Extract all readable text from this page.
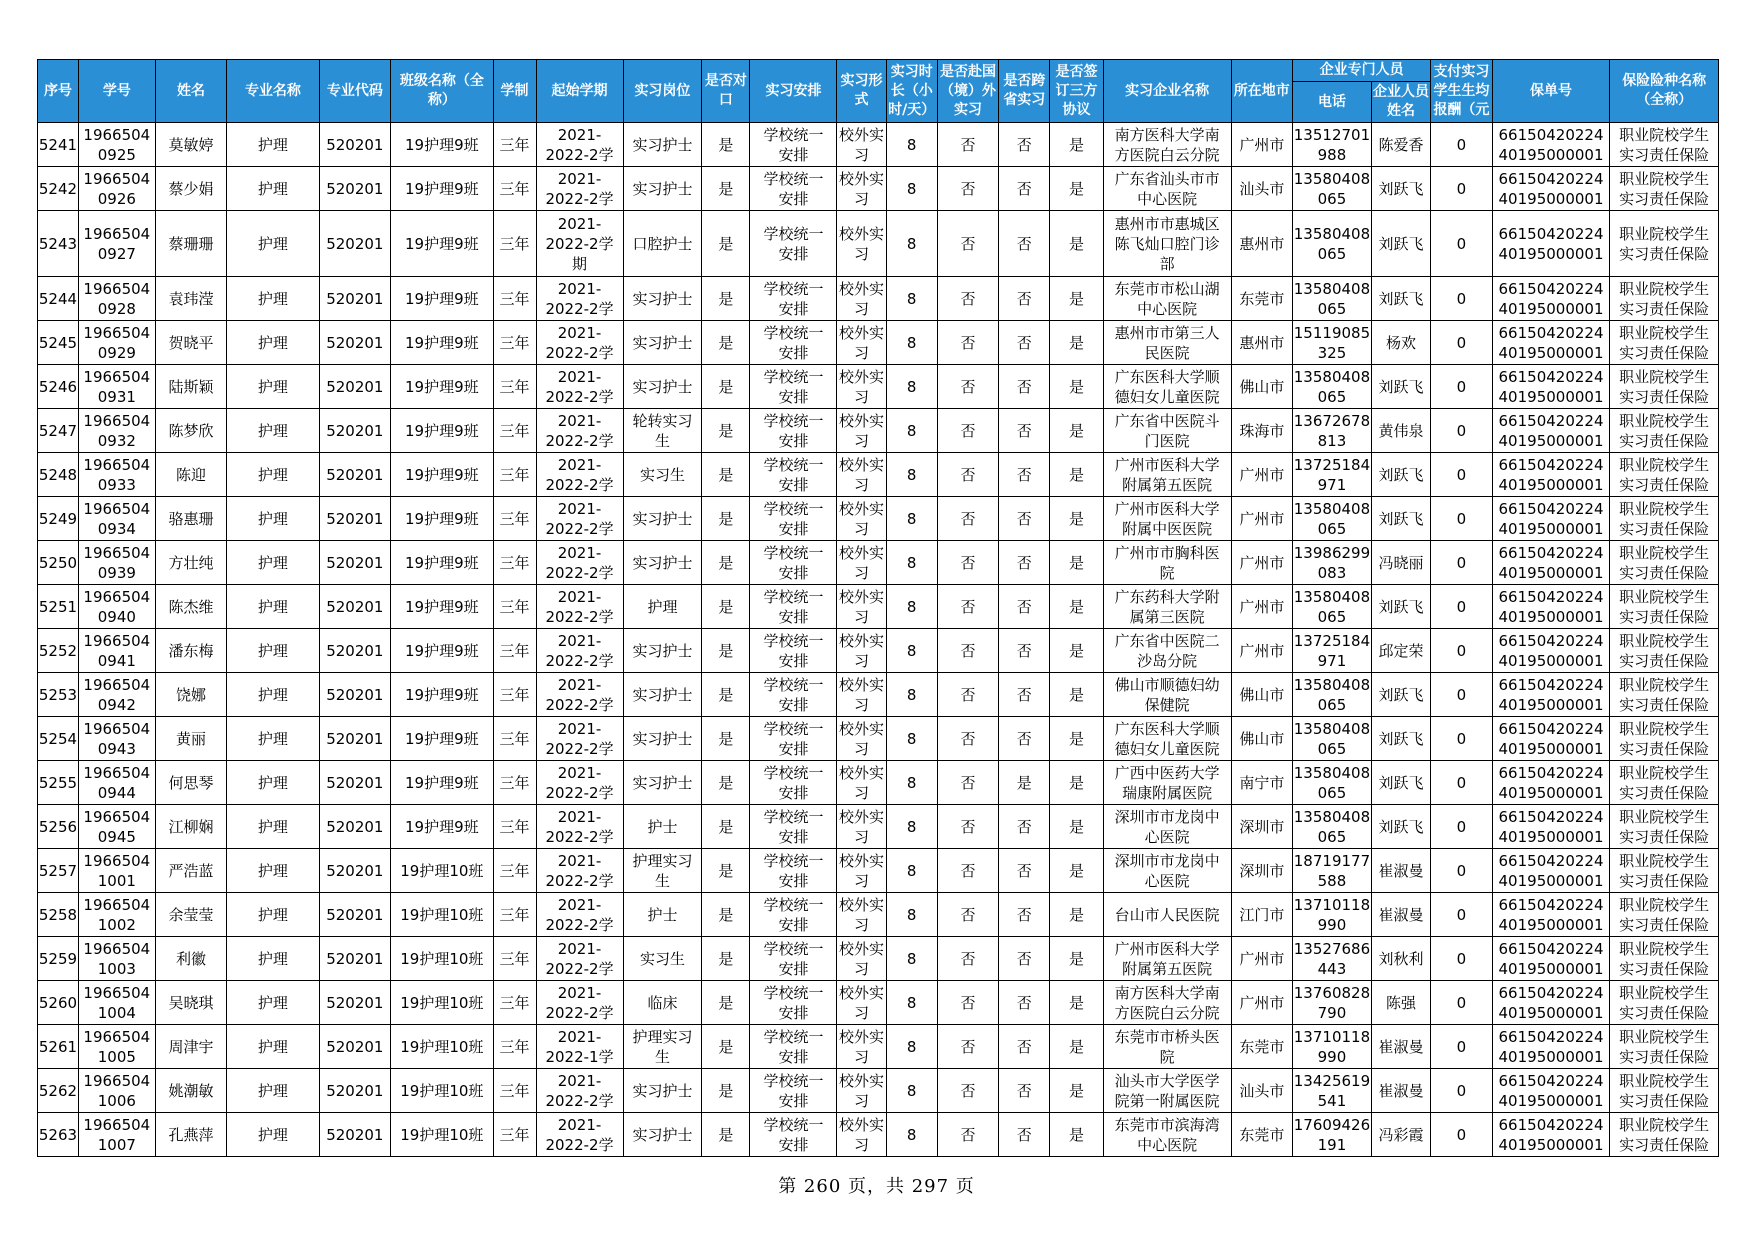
序号	学号	姓名	专业名称	专业代码	班级名称（全称）	学制	起始学期	实习岗位	是否对口	实习安排	实习形式	实习时长（小时/天）	是否赴国（境）外实习	是否跨省实习	是否签订三方协议	实习企业名称	所在地市	企业专门人员		支付实习学生生均报酬（元	保单号	保险险种名称（全称）

																		电话	企业人员姓名			

5241	1966504
0925	莫敏婷	护理	520201	19护理9班	三年	2021-
2022-2学	实习护士	是	学校统一
安排	校外实
习	8	否	否	是	南方医科大学南
方医院白云分院	广州市	13512701
988	陈爱香	0	66150420224
40195000001	职业院校学生
实习责任保险

5242	1966504
0926	蔡少娟	护理	520201	19护理9班	三年	2021-
2022-2学	实习护士	是	学校统一
安排	校外实
习	8	否	否	是	广东省汕头市市
中心医院	汕头市	13580408
065	刘跃飞	0	66150420224
40195000001	职业院校学生
实习责任保险

5243	1966504
0927	蔡珊珊	护理	520201	19护理9班	三年	2021-
2022-2学
期	口腔护士	是	学校统一
安排	校外实
习	8	否	否	是	惠州市市惠城区
陈飞灿口腔门诊
部	惠州市	13580408
065	刘跃飞	0	66150420224
40195000001	职业院校学生
实习责任保险

5244	1966504
0928	袁玮滢	护理	520201	19护理9班	三年	2021-
2022-2学	实习护士	是	学校统一
安排	校外实
习	8	否	否	是	东莞市市松山湖
中心医院	东莞市	13580408
065	刘跃飞	0	66150420224
40195000001	职业院校学生
实习责任保险

5245	1966504
0929	贺晓平	护理	520201	19护理9班	三年	2021-
2022-2学	实习护士	是	学校统一
安排	校外实
习	8	否	否	是	惠州市市第三人
民医院	惠州市	15119085
325	杨欢	0	66150420224
40195000001	职业院校学生
实习责任保险

5246	1966504
0931	陆斯颖	护理	520201	19护理9班	三年	2021-
2022-2学	实习护士	是	学校统一
安排	校外实
习	8	否	否	是	广东医科大学顺
德妇女儿童医院	佛山市	13580408
065	刘跃飞	0	66150420224
40195000001	职业院校学生
实习责任保险

5247	1966504
0932	陈梦欣	护理	520201	19护理9班	三年	2021-
2022-2学	轮转实习
生	是	学校统一
安排	校外实
习	8	否	否	是	广东省中医院斗
门医院	珠海市	13672678
813	黄伟泉	0	66150420224
40195000001	职业院校学生
实习责任保险

5248	1966504
0933	陈迎	护理	520201	19护理9班	三年	2021-
2022-2学	实习生	是	学校统一
安排	校外实
习	8	否	否	是	广州市医科大学
附属第五医院	广州市	13725184
971	刘跃飞	0	66150420224
40195000001	职业院校学生
实习责任保险

5249	1966504
0934	骆惠珊	护理	520201	19护理9班	三年	2021-
2022-2学	实习护士	是	学校统一
安排	校外实
习	8	否	否	是	广州市医科大学
附属中医医院	广州市	13580408
065	刘跃飞	0	66150420224
40195000001	职业院校学生
实习责任保险

5250	1966504
0939	方壮纯	护理	520201	19护理9班	三年	2021-
2022-2学	实习护士	是	学校统一
安排	校外实
习	8	否	否	是	广州市市胸科医
院	广州市	13986299
083	冯晓丽	0	66150420224
40195000001	职业院校学生
实习责任保险

5251	1966504
0940	陈杰维	护理	520201	19护理9班	三年	2021-
2022-2学	护理	是	学校统一
安排	校外实
习	8	否	否	是	广东药科大学附
属第三医院	广州市	13580408
065	刘跃飞	0	66150420224
40195000001	职业院校学生
实习责任保险

5252	1966504
0941	潘东梅	护理	520201	19护理9班	三年	2021-
2022-2学	实习护士	是	学校统一
安排	校外实
习	8	否	否	是	广东省中医院二
沙岛分院	广州市	13725184
971	邱定荣	0	66150420224
40195000001	职业院校学生
实习责任保险

5253	1966504
0942	饶娜	护理	520201	19护理9班	三年	2021-
2022-2学	实习护士	是	学校统一
安排	校外实
习	8	否	否	是	佛山市顺德妇幼
保健院	佛山市	13580408
065	刘跃飞	0	66150420224
40195000001	职业院校学生
实习责任保险

5254	1966504
0943	黄丽	护理	520201	19护理9班	三年	2021-
2022-2学	实习护士	是	学校统一
安排	校外实
习	8	否	否	是	广东医科大学顺
德妇女儿童医院	佛山市	13580408
065	刘跃飞	0	66150420224
40195000001	职业院校学生
实习责任保险

5255	1966504
0944	何思琴	护理	520201	19护理9班	三年	2021-
2022-2学	实习护士	是	学校统一
安排	校外实
习	8	否	是	是	广西中医药大学
瑞康附属医院	南宁市	13580408
065	刘跃飞	0	66150420224
40195000001	职业院校学生
实习责任保险

5256	1966504
0945	江柳娴	护理	520201	19护理9班	三年	2021-
2022-2学	护士	是	学校统一
安排	校外实
习	8	否	否	是	深圳市市龙岗中
心医院	深圳市	13580408
065	刘跃飞	0	66150420224
40195000001	职业院校学生
实习责任保险

5257	1966504
1001	严浩蓝	护理	520201	19护理10班	三年	2021-
2022-2学	护理实习
生	是	学校统一
安排	校外实
习	8	否	否	是	深圳市市龙岗中
心医院	深圳市	18719177
588	崔淑曼	0	66150420224
40195000001	职业院校学生
实习责任保险

5258	1966504
1002	余莹莹	护理	520201	19护理10班	三年	2021-
2022-2学	护士	是	学校统一
安排	校外实
习	8	否	否	是	台山市人民医院	江门市	13710118
990	崔淑曼	0	66150420224
40195000001	职业院校学生
实习责任保险

5259	1966504
1003	利徽	护理	520201	19护理10班	三年	2021-
2022-2学	实习生	是	学校统一
安排	校外实
习	8	否	否	是	广州市医科大学
附属第五医院	广州市	13527686
443	刘秋利	0	66150420224
40195000001	职业院校学生
实习责任保险

5260	1966504
1004	吴晓琪	护理	520201	19护理10班	三年	2021-
2022-2学	临床	是	学校统一
安排	校外实
习	8	否	否	是	南方医科大学南
方医院白云分院	广州市	13760828
790	陈强	0	66150420224
40195000001	职业院校学生
实习责任保险

5261	1966504
1005	周津宇	护理	520201	19护理10班	三年	2021-
2022-1学	护理实习
生	是	学校统一
安排	校外实
习	8	否	否	是	东莞市市桥头医
院	东莞市	13710118
990	崔淑曼	0	66150420224
40195000001	职业院校学生
实习责任保险

5262	1966504
1006	姚潮敏	护理	520201	19护理10班	三年	2021-
2022-2学	实习护士	是	学校统一
安排	校外实
习	8	否	否	是	汕头市大学医学
院第一附属医院	汕头市	13425619
541	崔淑曼	0	66150420224
40195000001	职业院校学生
实习责任保险

5263	1966504
1007	孔燕萍	护理	520201	19护理10班	三年	2021-
2022-2学	实习护士	是	学校统一
安排	校外实
习	8	否	否	是	东莞市市滨海湾
中心医院	东莞市	17609426
191	冯彩霞	0	66150420224
40195000001	职业院校学生
实习责任保险
第 260 页，共 297 页
